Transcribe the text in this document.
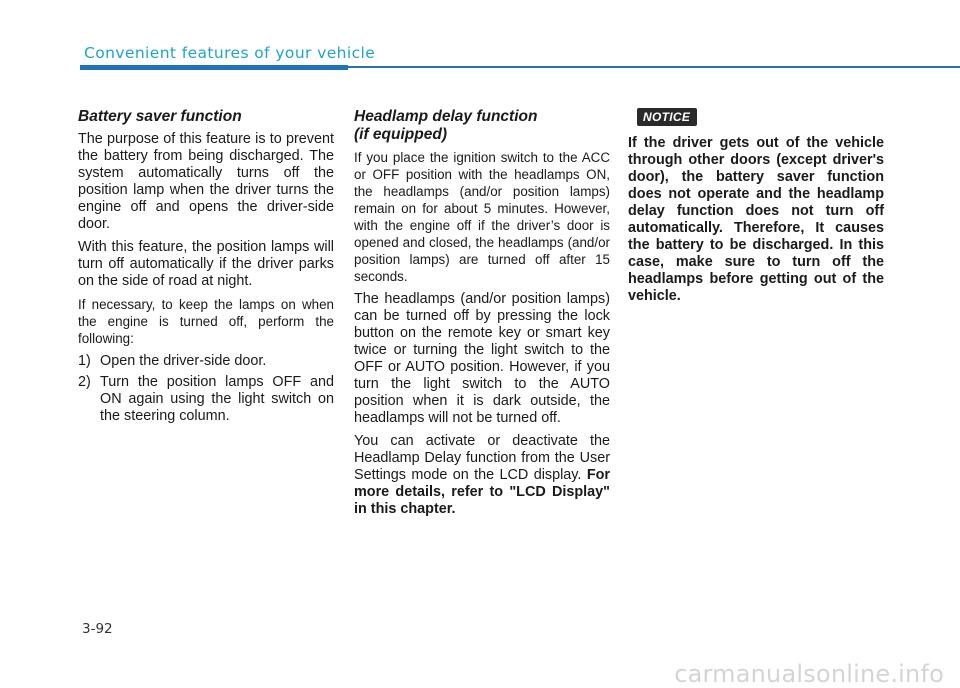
Convenient features of your vehicle
Battery saver function

The purpose of this feature is to prevent the battery from being discharged. The system automatically turns off the position lamp when the driver turns the engine off and opens the driver-side door.

With this feature, the position lamps will turn off automatically if the driver parks on the side of road at night.

If necessary, to keep the lamps on when the engine is turned off, perform the following:

1) Open the driver-side door.
2) Turn the position lamps OFF and ON again using the light switch on the steering column.
Headlamp delay function
(if equipped)

If you place the ignition switch to the ACC or OFF position with the headlamps ON, the headlamps (and/or position lamps) remain on for about 5 minutes. However, with the engine off if the driver’s door is opened and closed, the headlamps (and/or position lamps) are turned off after 15 seconds.

The headlamps (and/or position lamps) can be turned off by pressing the lock button on the remote key or smart key twice or turning the light switch to the OFF or AUTO position. However, if you turn the light switch to the AUTO position when it is dark outside, the headlamps will not be turned off.

You can activate or deactivate the Headlamp Delay function from the User Settings mode on the LCD display. For more details, refer to "LCD Display" in this chapter.

NOTICE

If the driver gets out of the vehicle through other doors (except driver's door), the battery saver function does not operate and the headlamp delay function does not turn off automatically. Therefore, It causes the battery to be discharged. In this case, make sure to turn off the headlamps before getting out of the vehicle.

3-92
carmanualsonline.info
